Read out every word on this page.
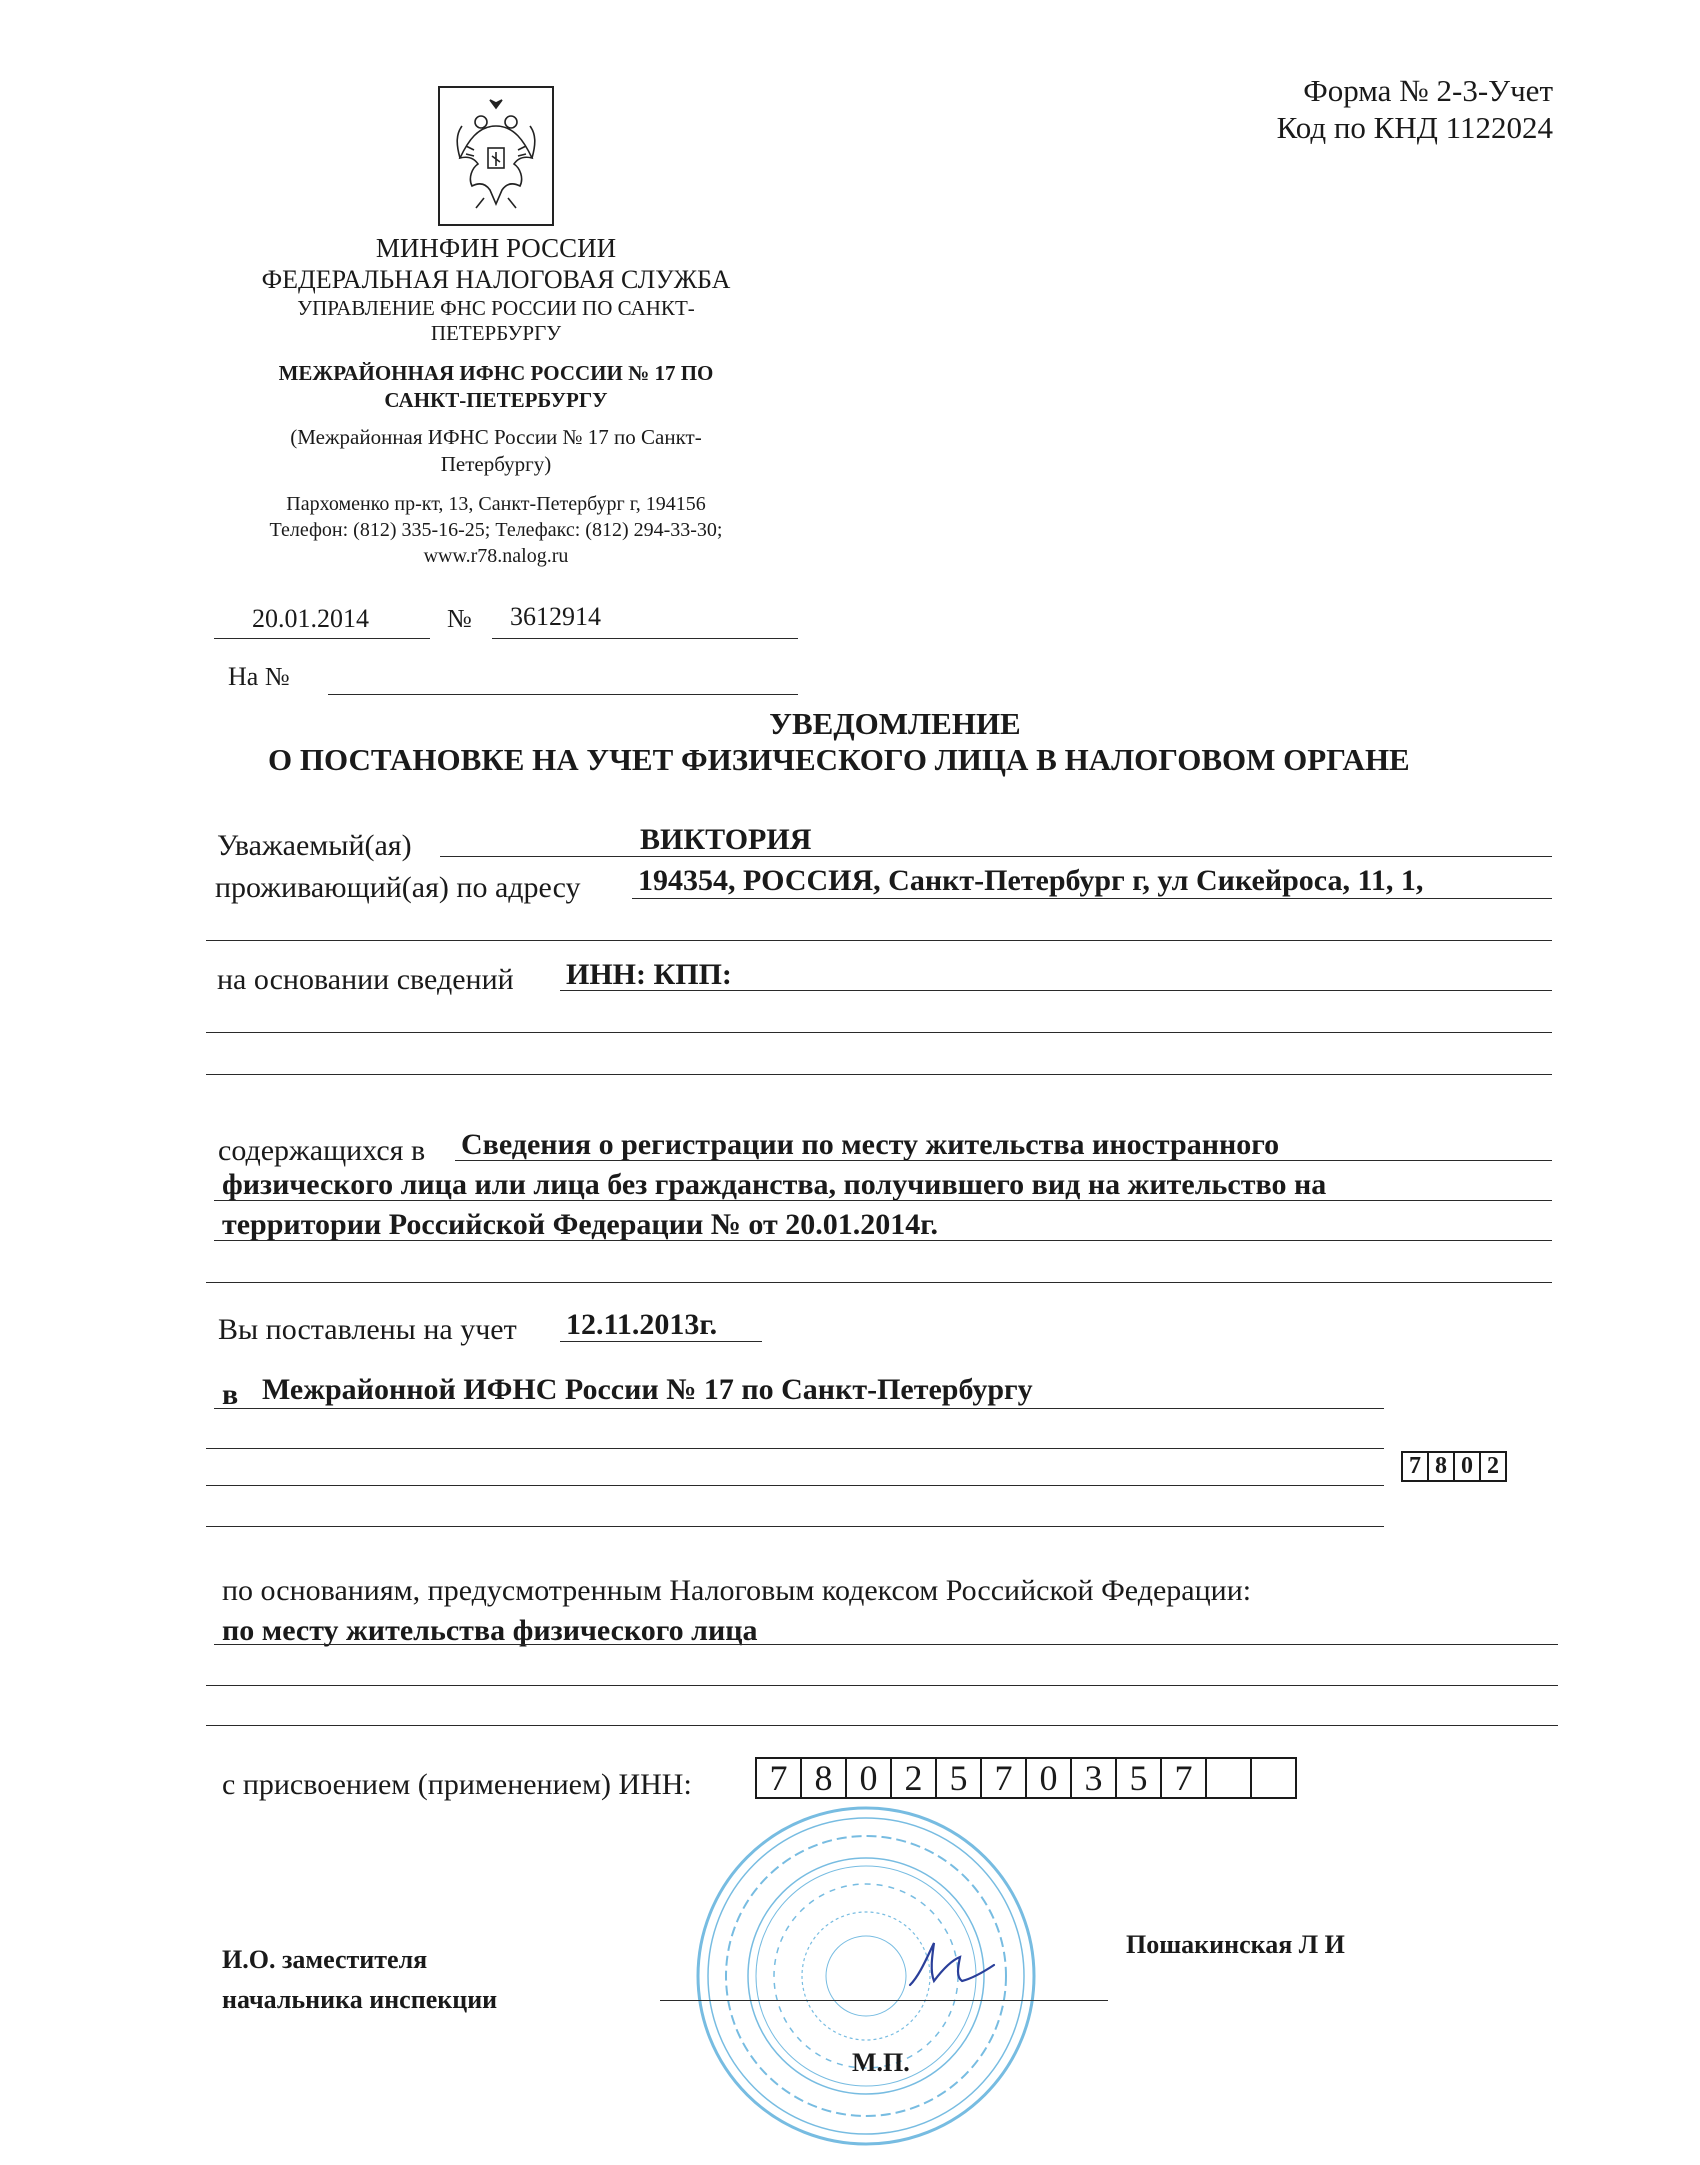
Форма № 2-3-Учет
Код по КНД 1122024
МИНФИН РОССИИ
ФЕДЕРАЛЬНАЯ НАЛОГОВАЯ СЛУЖБА
УПРАВЛЕНИЕ ФНС РОССИИ ПО САНКТ-
ПЕТЕРБУРГУ
МЕЖРАЙОННАЯ ИФНС РОССИИ № 17 ПО
САНКТ-ПЕТЕРБУРГУ
(Межрайонная ИФНС России № 17 по Санкт-
Петербургу)
Пархоменко пр-кт, 13, Санкт-Петербург г, 194156
Телефон: (812) 335-16-25; Телефакс: (812) 294-33-30;
www.r78.nalog.ru
20.01.2014	№ 3612914
На №
УВЕДОМЛЕНИЕ
О ПОСТАНОВКЕ НА УЧЕТ ФИЗИЧЕСКОГО ЛИЦА В НАЛОГОВОМ ОРГАНЕ
Уважаемый(ая)	ВИКТОРИЯ
проживающий(ая) по адресу 194354, РОССИЯ, Санкт-Петербург г, ул Сикейроса, 11, 1,
на основании сведений ИНН: КПП:
содержащихся в Сведения о регистрации по месту жительства иностранного
физического лица или лица без гражданства, получившего вид на жительство на
территории Российской Федерации № от 20.01.2014г.
Вы поставлены на учет 12.11.2013г.
в Межрайонной ИФНС России № 17 по Санкт-Петербургу
7 8 0 2
по основаниям, предусмотренным Налоговым кодексом Российской Федерации:
по месту жительства физического лица
с присвоением (применением) ИНН:	7 8 0 2 5 7 0 3 5 7
И.О. заместителя
начальника инспекции
Пошакинская Л И
М.П.
